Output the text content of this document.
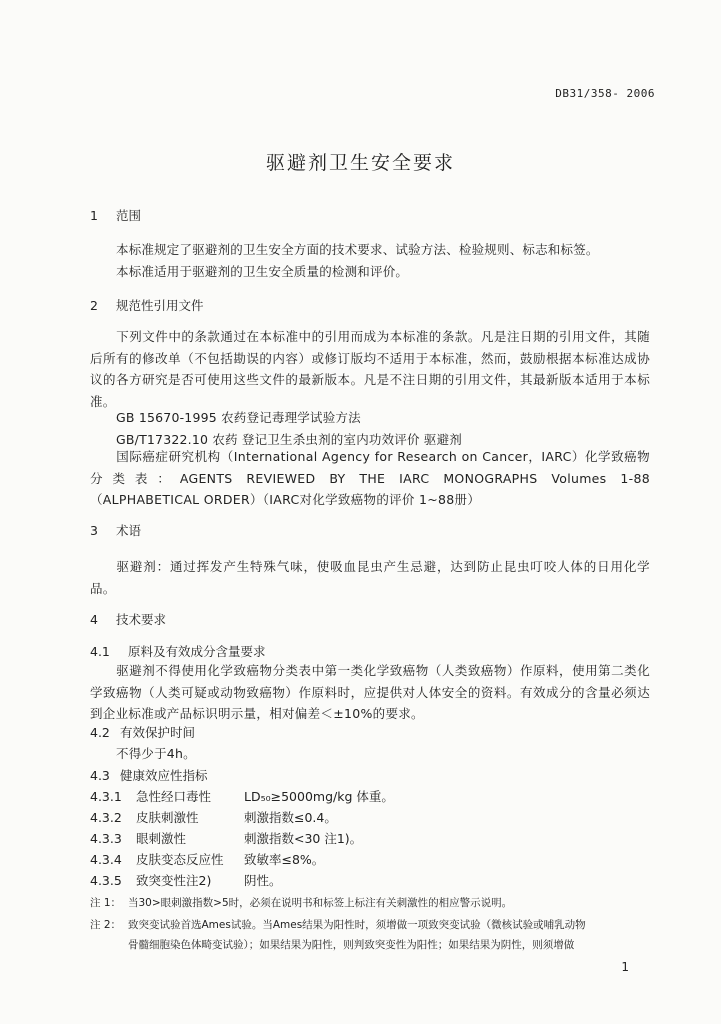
DB31/358- 2006
驱避剂卫生安全要求
1 范围
本标准规定了驱避剂的卫生安全方面的技术要求、试验方法、检验规则、标志和标签。
本标准适用于驱避剂的卫生安全质量的检测和评价。
2 规范性引用文件
下列文件中的条款通过在本标准中的引用而成为本标准的条款。凡是注日期的引用文件，其随后所有的修改单（不包括勘误的内容）或修订版均不适用于本标准，然而，鼓励根据本标准达成协议的各方研究是否可使用这些文件的最新版本。凡是不注日期的引用文件，其最新版本适用于本标准。
GB 15670-1995 农药登记毒理学试验方法
GB/T17322.10 农药 登记卫生杀虫剂的室内功效评价 驱避剂
国际癌症研究机构（International Agency for Research on Cancer，IARC）化学致癌物分类表：AGENTS REVIEWED BY THE IARC MONOGRAPHS Volumes 1-88（ALPHABETICAL ORDER）（IARC对化学致癌物的评价 1~88册）
3 术语
驱避剂：通过挥发产生特殊气味，使吸血昆虫产生忌避，达到防止昆虫叮咬人体的日用化学品。
4 技术要求
4.1 原料及有效成分含量要求
驱避剂不得使用化学致癌物分类表中第一类化学致癌物（人类致癌物）作原料，使用第二类化学致癌物（人类可疑或动物致癌物）作原料时，应提供对人体安全的资料。有效成分的含量必须达到企业标准或产品标识明示量，相对偏差＜±10%的要求。
4.2 有效保护时间
不得少于4h。
4.3 健康效应性指标
4.3.1 急性经口毒性	LD₅₀≥5000mg/kg 体重。
4.3.2 皮肤刺激性	刺激指数≤0.4。
4.3.3 眼刺激性	刺激指数<30 注1)。
4.3.4 皮肤变态反应性 致敏率≤8%。
4.3.5 致突变性注2)	阴性。
注 1： 当30>眼刺激指数>5时，必须在说明书和标签上标注有关刺激性的相应警示说明。
注 2： 致突变试验首选Ames试验。当Ames结果为阳性时，须增做一项致突变试验（微核试验或哺乳动物
骨髓细胞染色体畸变试验）；如果结果为阳性，则判致突变性为阳性；如果结果为阴性，则须增做
1
